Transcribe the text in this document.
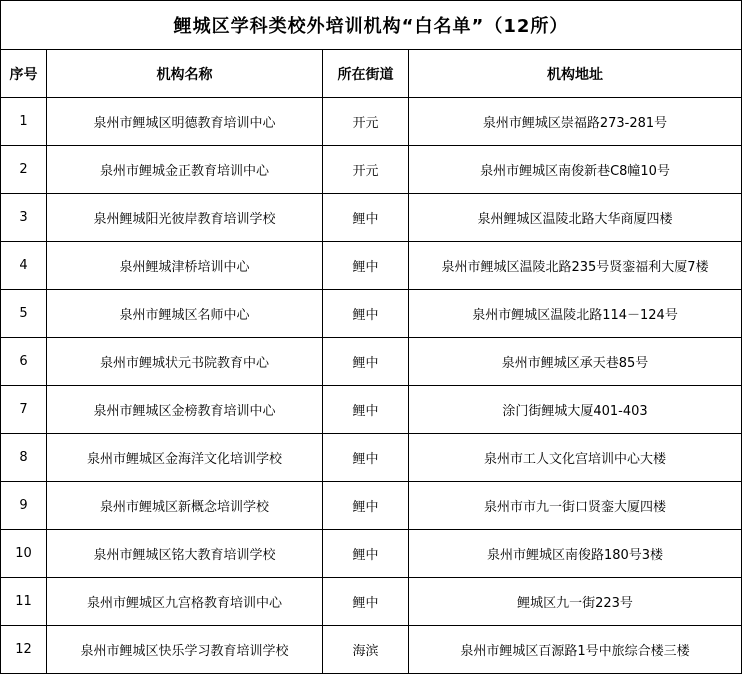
鲤城区学科类校外培训机构“白名单”（12所）			
序号	机构名称	所在街道	机构地址
1	泉州市鲤城区明德教育培训中心	开元	泉州市鲤城区崇福路273-281号
2	泉州市鲤城金正教育培训中心	开元	泉州市鲤城区南俊新巷C8幢10号
3	泉州鲤城阳光彼岸教育培训学校	鲤中	泉州鲤城区温陵北路大华商厦四楼
4	泉州鲤城津桥培训中心	鲤中	泉州市鲤城区温陵北路235号贤銮福利大厦7楼
5	泉州市鲤城区名师中心	鲤中	泉州市鲤城区温陵北路114－124号
6	泉州市鲤城状元书院教育中心	鲤中	泉州市鲤城区承天巷85号
7	泉州市鲤城区金榜教育培训中心	鲤中	涂门街鲤城大厦401-403
8	泉州市鲤城区金海洋文化培训学校	鲤中	泉州市工人文化宫培训中心大楼
9	泉州市鲤城区新概念培训学校	鲤中	泉州市市九一街口贤銮大厦四楼
10	泉州市鲤城区铭大教育培训学校	鲤中	泉州市鲤城区南俊路180号3楼
11	泉州市鲤城区九宫格教育培训中心	鲤中	鲤城区九一街223号
12	泉州市鲤城区快乐学习教育培训学校	海滨	泉州市鲤城区百源路1号中旅综合楼三楼
